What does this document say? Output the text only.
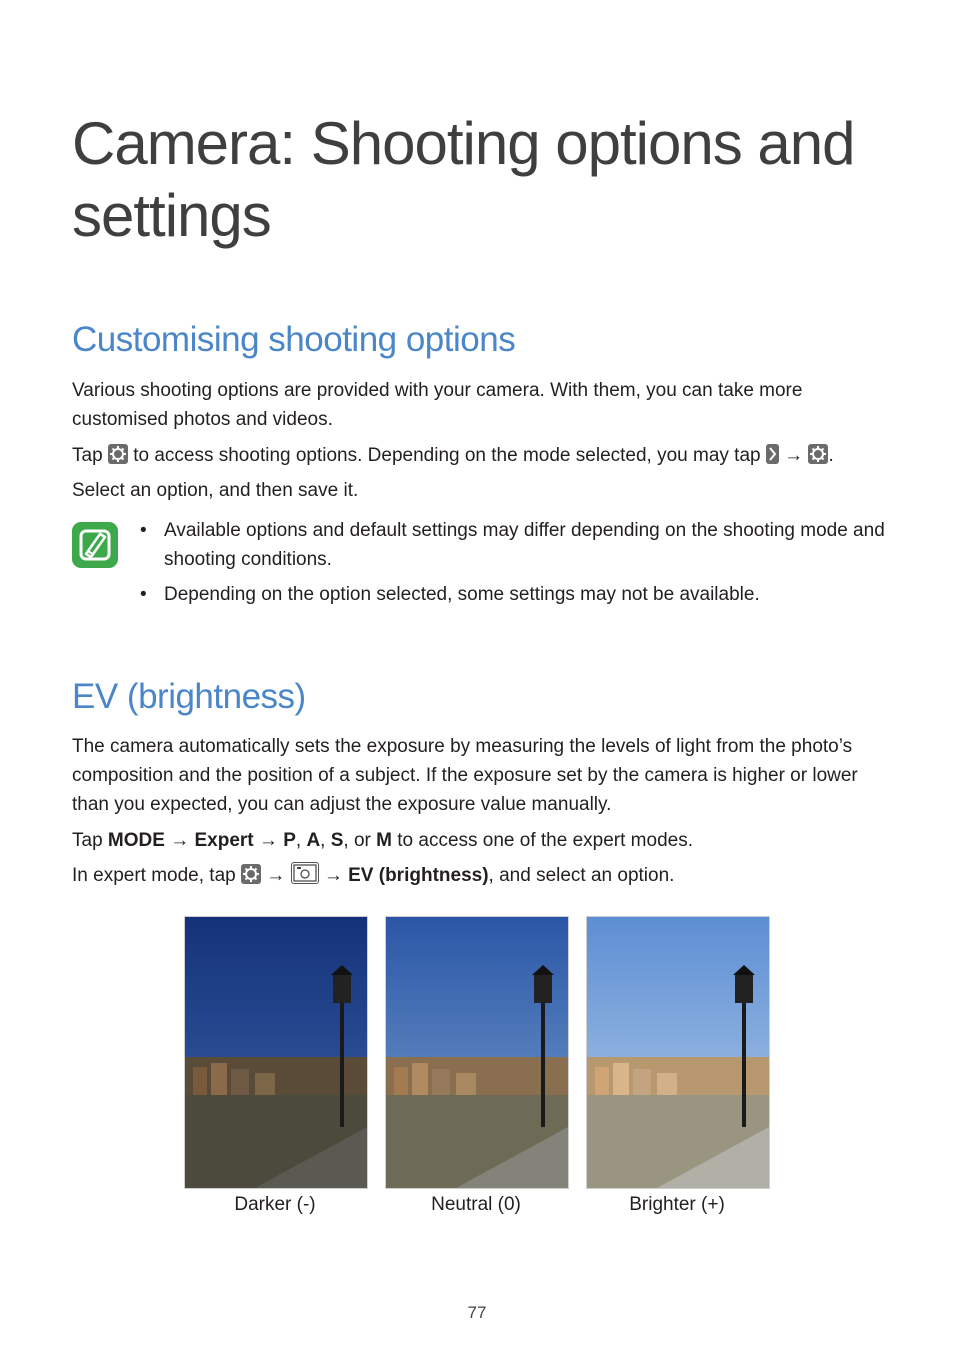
Camera: Shooting options and settings
Customising shooting options
Various shooting options are provided with your camera. With them, you can take more customised photos and videos.
Tap
to access shooting options. Depending on the mode selected, you may tap
→
.
Select an option, and then save it.
• Available options and default settings may differ depending on the shooting mode and shooting conditions.
• Depending on the option selected, some settings may not be available.
EV (brightness)
The camera automatically sets the exposure by measuring the levels of light from the photo’s composition and the position of a subject. If the exposure set by the camera is higher or lower than you expected, you can adjust the exposure value manually.
Tap MODE → Expert → P, A, S, or M to access one of the expert modes.
In expert mode, tap
→
→ EV (brightness), and select an option.
Darker (-)	Neutral (0)	Brighter (+)
77
